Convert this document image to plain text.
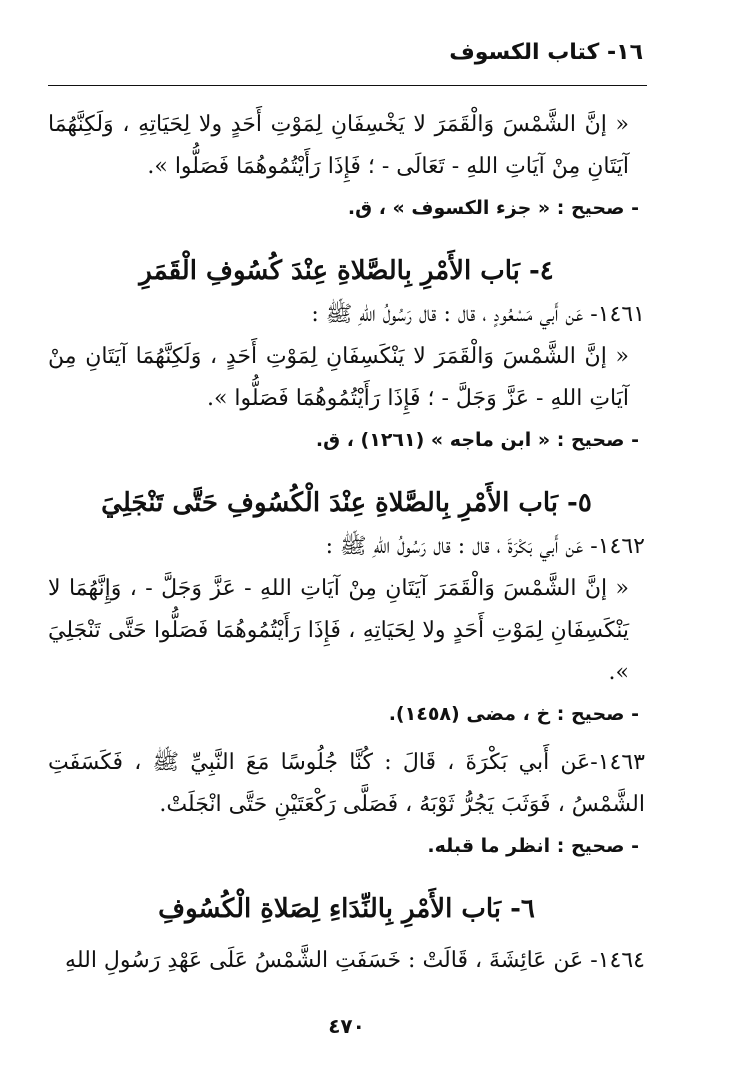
١٦- كتاب الكسوف

« إنَّ الشَّمْسَ وَالْقَمَرَ لا يَخْسِفَانِ لِمَوْتِ أَحَدٍ ولا لِحَيَاتِهِ ، وَلَكِنَّهُمَا آيَتَانِ مِنْ آيَاتِ اللهِ - تَعَالَى - ؛ فَإِذَا رَأَيْتُمُوهُمَا فَصَلُّوا ».

- صحيح : « جزء الكسوف » ، ق.

٤- بَاب الأَمْرِ بِالصَّلاةِ عِنْدَ كُسُوفِ الْقَمَرِ

١٤٦١- عَن أَبي مَسْعُودٍ ، قال : قال رَسُولُ اللهِ ﷺ :

« إنَّ الشَّمْسَ وَالْقَمَرَ لا يَنْكَسِفَانِ لِمَوْتِ أَحَدٍ ، وَلَكِنَّهُمَا آيَتَانِ مِنْ آيَاتِ اللهِ - عَزَّ وَجَلَّ - ؛ فَإِذَا رَأَيْتُمُوهُمَا فَصَلُّوا ».

- صحيح : « ابن ماجه » (١٢٦١) ، ق.

٥- بَاب الأَمْرِ بِالصَّلاةِ عِنْدَ الْكُسُوفِ حَتَّى تَنْجَلِيَ

١٤٦٢- عَن أَبي بَكْرَةَ ، قال : قال رَسُولُ اللهِ ﷺ :

« إنَّ الشَّمْسَ وَالْقَمَرَ آيَتَانِ مِنْ آيَاتِ اللهِ - عَزَّ وَجَلَّ - ، وَإِنَّهُمَا لا يَنْكَسِفَانِ لِمَوْتِ أَحَدٍ ولا لِحَيَاتِهِ ، فَإِذَا رَأَيْتُمُوهُمَا فَصَلُّوا حَتَّى تَنْجَلِيَ ».

- صحيح : خ ، مضى (١٤٥٨).

١٤٦٣-عَن أَبي بَكْرَةَ ، قَالَ : كُنَّا جُلُوسًا مَعَ النَّبِيِّ ﷺ ، فَكَسَفَتِ الشَّمْسُ ، فَوَثَبَ يَجُرُّ ثَوْبَهُ ، فَصَلَّى رَكْعَتَيْنِ حَتَّى انْجَلَتْ.

- صحيح : انظر ما قبله.

٦- بَاب الأَمْرِ بِالنِّدَاءِ لِصَلاةِ الْكُسُوفِ

١٤٦٤- عَن عَائِشَةَ ، قَالَتْ : خَسَفَتِ الشَّمْسُ عَلَى عَهْدِ رَسُولِ اللهِ

٤٧٠
